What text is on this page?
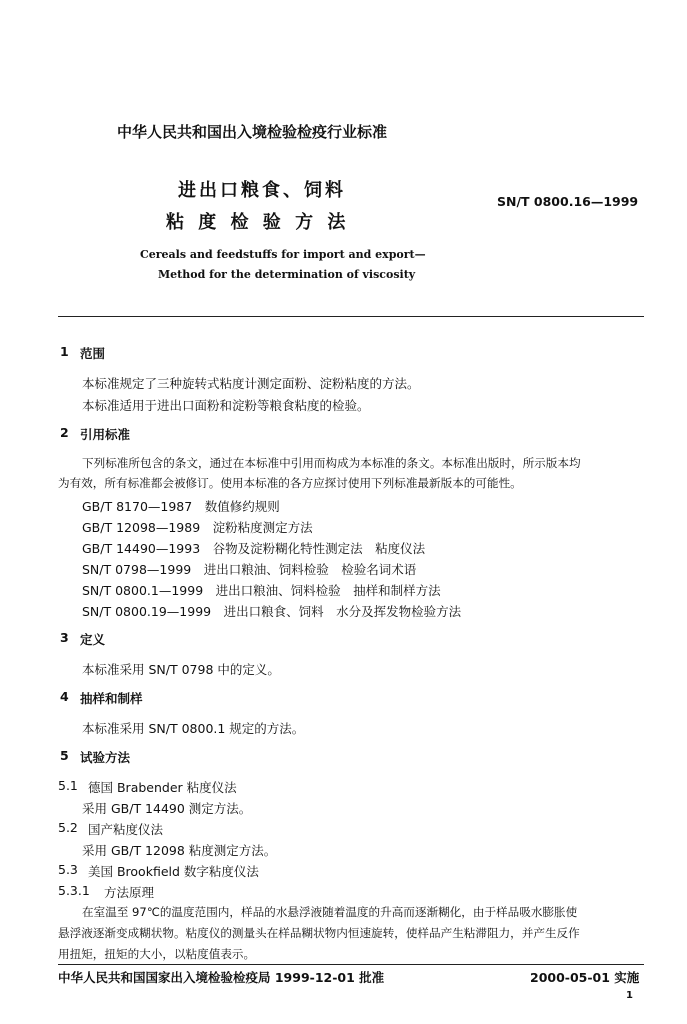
中华人民共和国出入境检验检疫行业标准
进出口粮食、饲料
粘 度 检 验 方 法
SN/T 0800.16—1999
Cereals and feedstuffs for import and export—
Method for the determination of viscosity
1 范围
本标准规定了三种旋转式粘度计测定面粉、淀粉粘度的方法。
本标准适用于进出口面粉和淀粉等粮食粘度的检验。
2 引用标准
下列标准所包含的条文，通过在本标准中引用而构成为本标准的条文。本标准出版时，所示版本均
为有效，所有标准都会被修订。使用本标准的各方应探讨使用下列标准最新版本的可能性。
GB/T 8170—1987　数值修约规则
GB/T 12098—1989　淀粉粘度测定方法
GB/T 14490—1993　谷物及淀粉糊化特性测定法　粘度仪法
SN/T 0798—1999　进出口粮油、饲料检验　检验名词术语
SN/T 0800.1—1999　进出口粮油、饲料检验　抽样和制样方法
SN/T 0800.19—1999　进出口粮食、饲料　水分及挥发物检验方法
3 定义
本标准采用 SN/T 0798 中的定义。
4 抽样和制样
本标准采用 SN/T 0800.1 规定的方法。
5 试验方法
5.1 德国 Brabender 粘度仪法
采用 GB/T 14490 测定方法。
5.2 国产粘度仪法
采用 GB/T 12098 粘度测定方法。
5.3 美国 Brookfield 数字粘度仪法
5.3.1 方法原理
在室温至 97℃的温度范围内，样品的水悬浮液随着温度的升高而逐渐糊化，由于样品吸水膨胀使
悬浮液逐渐变成糊状物。粘度仪的测量头在样品糊状物内恒速旋转，使样品产生粘滞阻力，并产生反作
用扭矩，扭矩的大小，以粘度值表示。
中华人民共和国国家出入境检验检疫局 1999-12-01 批准	2000-05-01 实施
1
